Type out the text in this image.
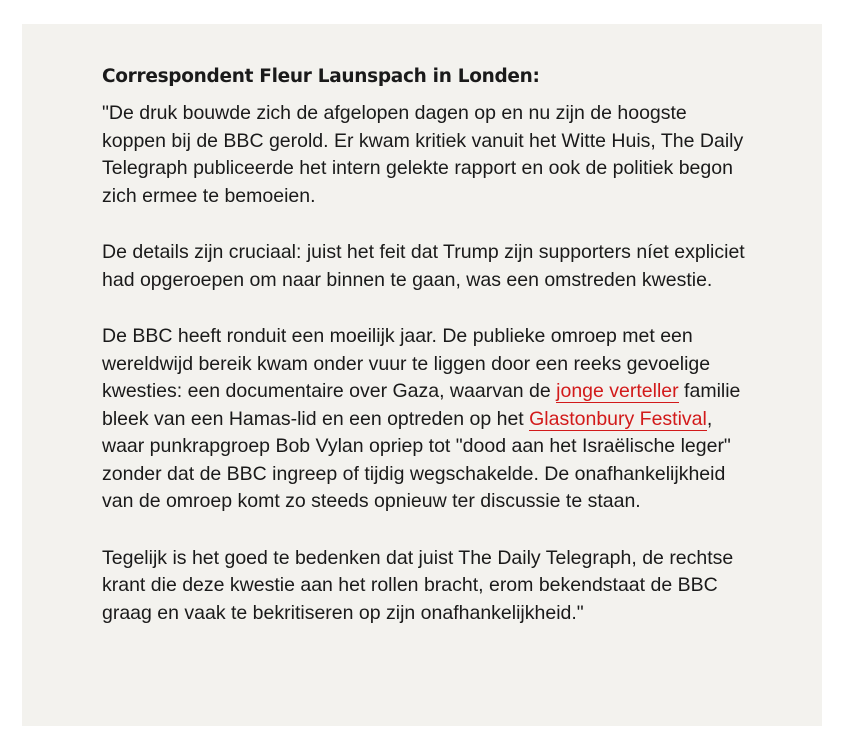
Correspondent Fleur Launspach in Londen:

"De druk bouwde zich de afgelopen dagen op en nu zijn de hoogste koppen bij de BBC gerold. Er kwam kritiek vanuit het Witte Huis, The Daily Telegraph publiceerde het intern gelekte rapport en ook de politiek begon zich ermee te bemoeien.

De details zijn cruciaal: juist het feit dat Trump zijn supporters níet expliciet had opgeroepen om naar binnen te gaan, was een omstreden kwestie.

De BBC heeft ronduit een moeilijk jaar. De publieke omroep met een wereldwijd bereik kwam onder vuur te liggen door een reeks gevoelige kwesties: een documentaire over Gaza, waarvan de jonge verteller familie bleek van een Hamas-lid en een optreden op het Glastonbury Festival, waar punkrapgroep Bob Vylan opriep tot "dood aan het Israëlische leger" zonder dat de BBC ingreep of tijdig wegschakelde. De onafhankelijkheid van de omroep komt zo steeds opnieuw ter discussie te staan.

Tegelijk is het goed te bedenken dat juist The Daily Telegraph, de rechtse krant die deze kwestie aan het rollen bracht, erom bekendstaat de BBC graag en vaak te bekritiseren op zijn onafhankelijkheid."
